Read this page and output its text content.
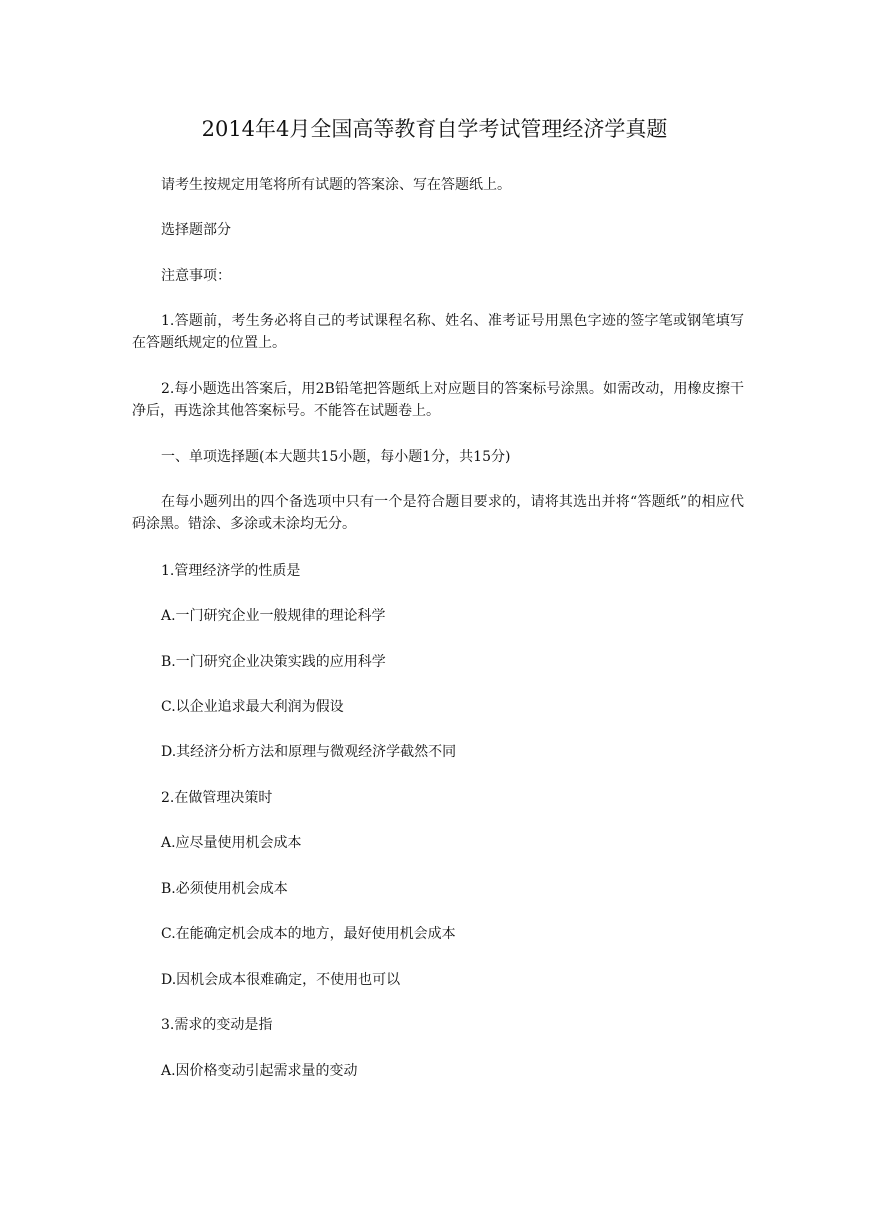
2014年4月全国高等教育自学考试管理经济学真题
请考生按规定用笔将所有试题的答案涂、写在答题纸上。
选择题部分
注意事项：
1.答题前，考生务必将自己的考试课程名称、姓名、准考证号用黑色字迹的签字笔或钢笔填写在答题纸规定的位置上。
2.每小题选出答案后，用2B铅笔把答题纸上对应题目的答案标号涂黑。如需改动，用橡皮擦干净后，再选涂其他答案标号。不能答在试题卷上。
一、单项选择题(本大题共15小题，每小题1分，共15分)
在每小题列出的四个备选项中只有一个是符合题目要求的，请将其选出并将“答题纸”的相应代码涂黑。错涂、多涂或未涂均无分。
1.管理经济学的性质是
A.一门研究企业一般规律的理论科学
B.一门研究企业决策实践的应用科学
C.以企业追求最大利润为假设
D.其经济分析方法和原理与微观经济学截然不同
2.在做管理决策时
A.应尽量使用机会成本
B.必须使用机会成本
C.在能确定机会成本的地方，最好使用机会成本
D.因机会成本很难确定，不使用也可以
3.需求的变动是指
A.因价格变动引起需求量的变动
